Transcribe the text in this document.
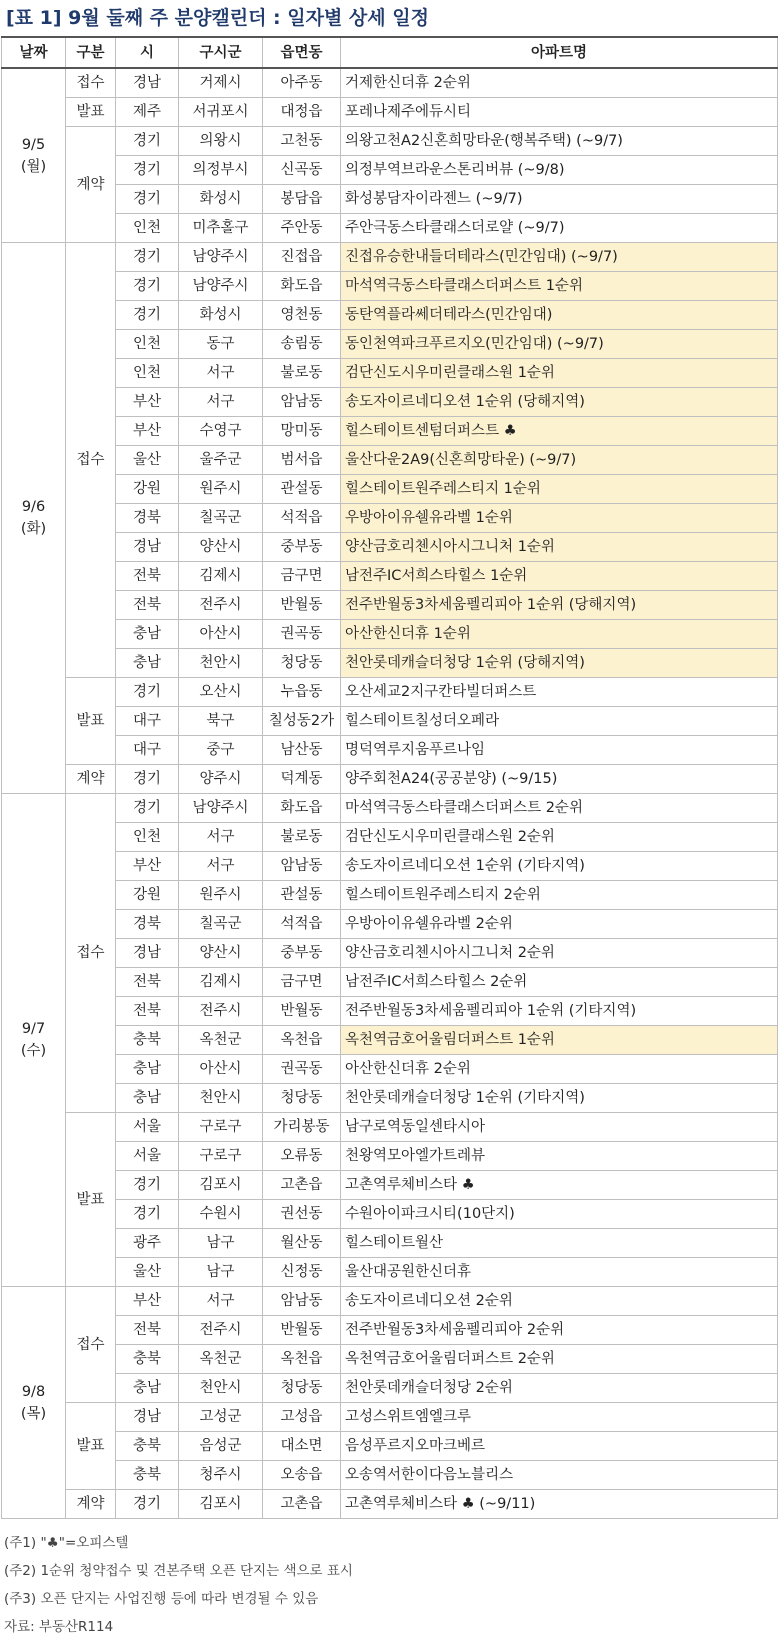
[표 1] 9월 둘째 주 분양캘린더 : 일자별 상세 일정
날짜	구분	시	구시군	읍면동	아파트명

9/5
(월)	접수	경남	거제시	아주동	거제한신더휴 2순위
	발표	제주	서귀포시	대정읍	포레나제주에듀시티
	계약	경기	의왕시	고천동	의왕고천A2신혼희망타운(행복주택) (~9/7)
		경기	의정부시	신곡동	의정부역브라운스톤리버뷰 (~9/8)
		경기	화성시	봉담읍	화성봉담자이라젠느 (~9/7)
		인천	미추홀구	주안동	주안극동스타클래스더로얄 (~9/7)

9/6
(화)	접수	경기	남양주시	진접읍	진접유승한내들더테라스(민간임대) (~9/7)
		경기	남양주시	화도읍	마석역극동스타클래스더퍼스트 1순위
		경기	화성시	영천동	동탄역플라쎄더테라스(민간임대)
		인천	동구	송림동	동인천역파크푸르지오(민간임대) (~9/7)
		인천	서구	불로동	검단신도시우미린클래스원 1순위
		부산	서구	암남동	송도자이르네디오션 1순위 (당해지역)
		부산	수영구	망미동	힐스테이트센텀더퍼스트 ♣
		울산	울주군	범서읍	울산다운2A9(신혼희망타운) (~9/7)
		강원	원주시	관설동	힐스테이트원주레스티지 1순위
		경북	칠곡군	석적읍	우방아이유쉘유라벨 1순위
		경남	양산시	중부동	양산금호리첸시아시그니처 1순위
		전북	김제시	금구면	남전주IC서희스타힐스 1순위
		전북	전주시	반월동	전주반월동3차세움펠리피아 1순위 (당해지역)
		충남	아산시	권곡동	아산한신더휴 1순위
		충남	천안시	청당동	천안롯데캐슬더청당 1순위 (당해지역)
	발표	경기	오산시	누읍동	오산세교2지구칸타빌더퍼스트
		대구	북구	칠성동2가	힐스테이트칠성더오페라
		대구	중구	남산동	명덕역루지움푸르나임
	계약	경기	양주시	덕계동	양주회천A24(공공분양) (~9/15)

9/7
(수)	접수	경기	남양주시	화도읍	마석역극동스타클래스더퍼스트 2순위
		인천	서구	불로동	검단신도시우미린클래스원 2순위
		부산	서구	암남동	송도자이르네디오션 1순위 (기타지역)
		강원	원주시	관설동	힐스테이트원주레스티지 2순위
		경북	칠곡군	석적읍	우방아이유쉘유라벨 2순위
		경남	양산시	중부동	양산금호리첸시아시그니처 2순위
		전북	김제시	금구면	남전주IC서희스타힐스 2순위
		전북	전주시	반월동	전주반월동3차세움펠리피아 1순위 (기타지역)
		충북	옥천군	옥천읍	옥천역금호어울림더퍼스트 1순위
		충남	아산시	권곡동	아산한신더휴 2순위
		충남	천안시	청당동	천안롯데캐슬더청당 1순위 (기타지역)
	발표	서울	구로구	가리봉동	남구로역동일센타시아
		서울	구로구	오류동	천왕역모아엘가트레뷰
		경기	김포시	고촌읍	고촌역루체비스타 ♣
		경기	수원시	권선동	수원아이파크시티(10단지)
		광주	남구	월산동	힐스테이트월산
		울산	남구	신정동	울산대공원한신더휴

9/8
(목)	접수	부산	서구	암남동	송도자이르네디오션 2순위
		전북	전주시	반월동	전주반월동3차세움펠리피아 2순위
		충북	옥천군	옥천읍	옥천역금호어울림더퍼스트 2순위
		충남	천안시	청당동	천안롯데캐슬더청당 2순위
	발표	경남	고성군	고성읍	고성스위트엠엘크루
		충북	음성군	대소면	음성푸르지오마크베르
		충북	청주시	오송읍	오송역서한이다음노블리스
	계약	경기	김포시	고촌읍	고촌역루체비스타 ♣ (~9/11)
(주1) "♣"=오피스텔
(주2) 1순위 청약접수 및 견본주택 오픈 단지는 색으로 표시
(주3) 오픈 단지는 사업진행 등에 따라 변경될 수 있음
자료: 부동산R114
